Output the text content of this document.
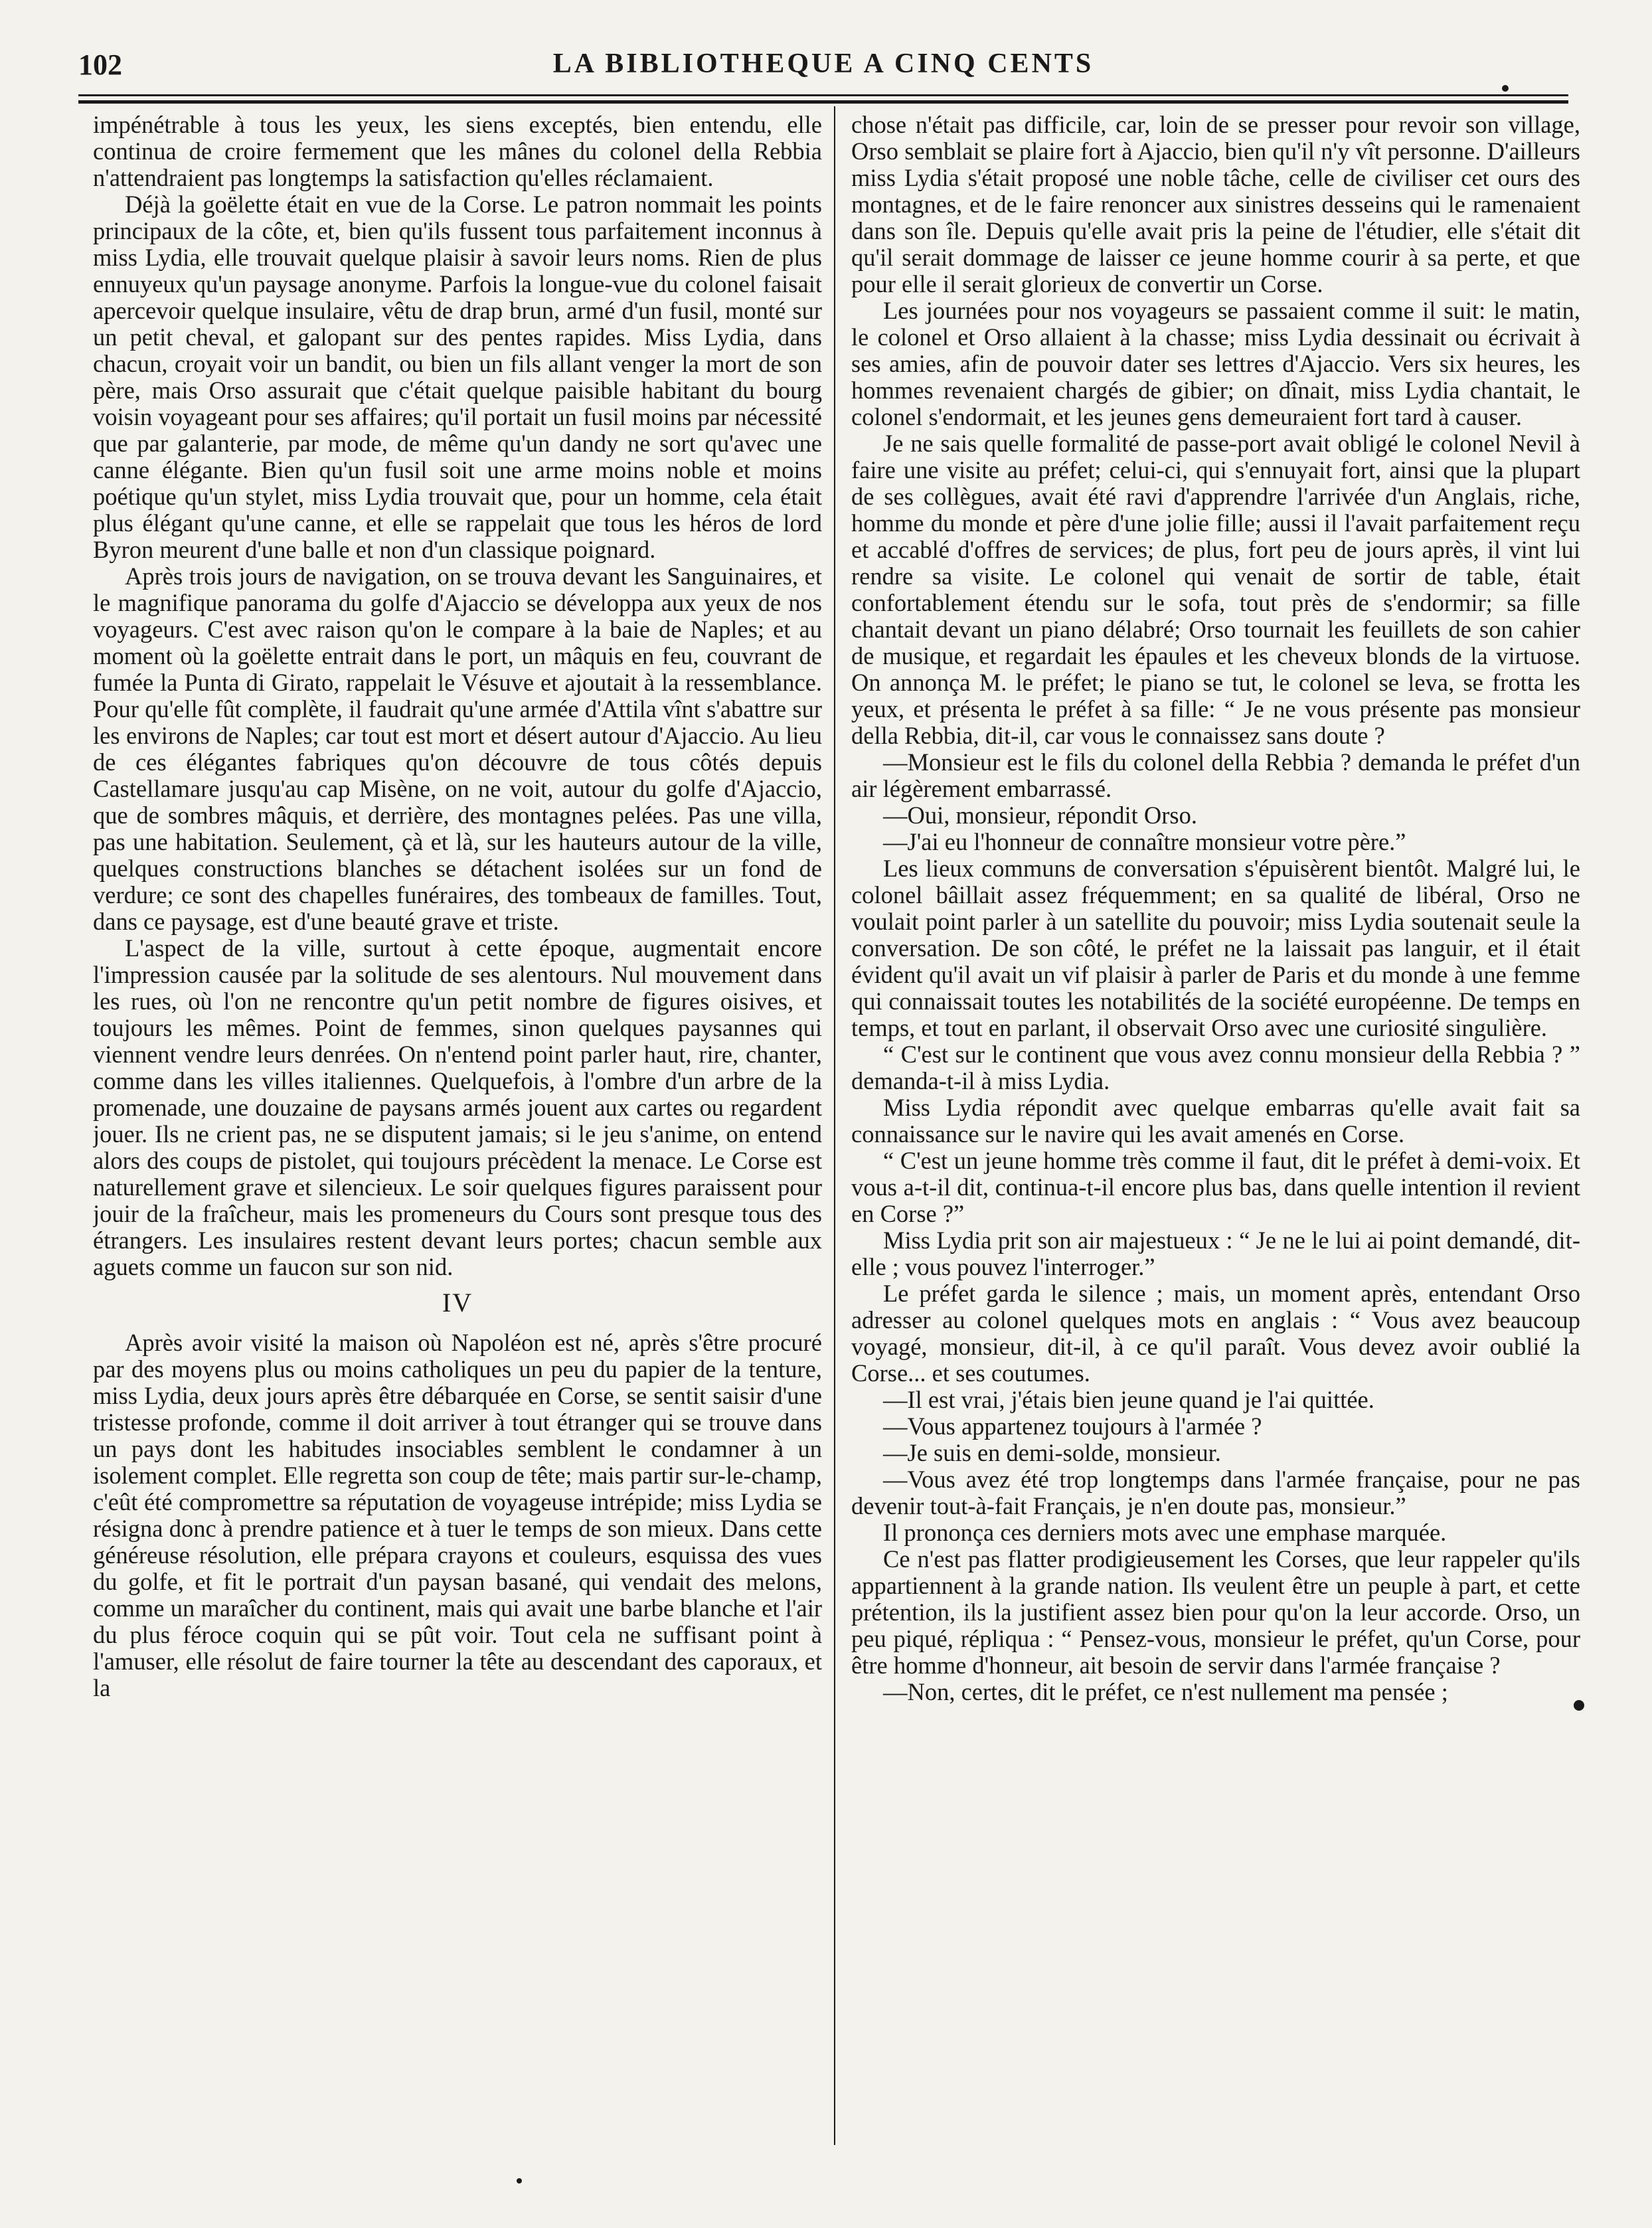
102	LA BIBLIOTHEQUE A CINQ CENTS

impénétrable à tous les yeux, les siens exceptés, bien entendu, elle continua de croire fermement que les mânes du colonel della Rebbia n'attendraient pas longtemps la satisfaction qu'elles réclamaient.

Déjà la goëlette était en vue de la Corse. Le patron nommait les points principaux de la côte, et, bien qu'ils fussent tous parfaitement inconnus à miss Lydia, elle trouvait quelque plaisir à savoir leurs noms. Rien de plus ennuyeux qu'un paysage anonyme. Parfois la longue-vue du colonel faisait apercevoir quelque insulaire, vêtu de drap brun, armé d'un fusil, monté sur un petit cheval, et galopant sur des pentes rapides. Miss Lydia, dans chacun, croyait voir un bandit, ou bien un fils allant venger la mort de son père, mais Orso assurait que c'était quelque paisible habitant du bourg voisin voyageant pour ses affaires; qu'il portait un fusil moins par nécessité que par galanterie, par mode, de même qu'un dandy ne sort qu'avec une canne élégante. Bien qu'un fusil soit une arme moins noble et moins poétique qu'un stylet, miss Lydia trouvait que, pour un homme, cela était plus élégant qu'une canne, et elle se rappelait que tous les héros de lord Byron meurent d'une balle et non d'un classique poignard.

Après trois jours de navigation, on se trouva devant les Sanguinaires, et le magnifique panorama du golfe d'Ajaccio se développa aux yeux de nos voyageurs. C'est avec raison qu'on le compare à la baie de Naples; et au moment où la goëlette entrait dans le port, un mâquis en feu, couvrant de fumée la Punta di Girato, rappelait le Vésuve et ajoutait à la ressemblance. Pour qu'elle fût complète, il faudrait qu'une armée d'Attila vînt s'abattre sur les environs de Naples; car tout est mort et désert autour d'Ajaccio. Au lieu de ces élégantes fabriques qu'on découvre de tous côtés depuis Castellamare jusqu'au cap Misène, on ne voit, autour du golfe d'Ajaccio, que de sombres mâquis, et derrière, des montagnes pelées. Pas une villa, pas une habitation. Seulement, çà et là, sur les hauteurs autour de la ville, quelques constructions blanches se détachent isolées sur un fond de verdure; ce sont des chapelles funéraires, des tombeaux de familles. Tout, dans ce paysage, est d'une beauté grave et triste.

L'aspect de la ville, surtout à cette époque, augmentait encore l'impression causée par la solitude de ses alentours. Nul mouvement dans les rues, où l'on ne rencontre qu'un petit nombre de figures oisives, et toujours les mêmes. Point de femmes, sinon quelques paysannes qui viennent vendre leurs denrées. On n'entend point parler haut, rire, chanter, comme dans les villes italiennes. Quelquefois, à l'ombre d'un arbre de la promenade, une douzaine de paysans armés jouent aux cartes ou regardent jouer. Ils ne crient pas, ne se disputent jamais; si le jeu s'anime, on entend alors des coups de pistolet, qui toujours précèdent la menace. Le Corse est naturellement grave et silencieux. Le soir quelques figures paraissent pour jouir de la fraîcheur, mais les promeneurs du Cours sont presque tous des étrangers. Les insulaires restent devant leurs portes; chacun semble aux aguets comme un faucon sur son nid.

IV

Après avoir visité la maison où Napoléon est né, après s'être procuré par des moyens plus ou moins catholiques un peu du papier de la tenture, miss Lydia, deux jours après être débarquée en Corse, se sentit saisir d'une tristesse profonde, comme il doit arriver à tout étranger qui se trouve dans un pays dont les habitudes insociables semblent le condamner à un isolement complet. Elle regretta son coup de tête; mais partir sur-le-champ, c'eût été compromettre sa réputation de voyageuse intrépide; miss Lydia se résigna donc à prendre patience et à tuer le temps de son mieux. Dans cette généreuse résolution, elle prépara crayons et couleurs, esquissa des vues du golfe, et fit le portrait d'un paysan basané, qui vendait des melons, comme un maraîcher du continent, mais qui avait une barbe blanche et l'air du plus féroce coquin qui se pût voir. Tout cela ne suffisant point à l'amuser, elle résolut de faire tourner la tête au descendant des caporaux, et la

chose n'était pas difficile, car, loin de se presser pour revoir son village, Orso semblait se plaire fort à Ajaccio, bien qu'il n'y vît personne. D'ailleurs miss Lydia s'était proposé une noble tâche, celle de civiliser cet ours des montagnes, et de le faire renoncer aux sinistres desseins qui le ramenaient dans son île. Depuis qu'elle avait pris la peine de l'étudier, elle s'était dit qu'il serait dommage de laisser ce jeune homme courir à sa perte, et que pour elle il serait glorieux de convertir un Corse.

Les journées pour nos voyageurs se passaient comme il suit: le matin, le colonel et Orso allaient à la chasse; miss Lydia dessinait ou écrivait à ses amies, afin de pouvoir dater ses lettres d'Ajaccio. Vers six heures, les hommes revenaient chargés de gibier; on dînait, miss Lydia chantait, le colonel s'endormait, et les jeunes gens demeuraient fort tard à causer.

Je ne sais quelle formalité de passe-port avait obligé le colonel Nevil à faire une visite au préfet; celui-ci, qui s'ennuyait fort, ainsi que la plupart de ses collègues, avait été ravi d'apprendre l'arrivée d'un Anglais, riche, homme du monde et père d'une jolie fille; aussi il l'avait parfaitement reçu et accablé d'offres de services; de plus, fort peu de jours après, il vint lui rendre sa visite. Le colonel qui venait de sortir de table, était confortablement étendu sur le sofa, tout près de s'endormir; sa fille chantait devant un piano délabré; Orso tournait les feuillets de son cahier de musique, et regardait les épaules et les cheveux blonds de la virtuose. On annonça M. le préfet; le piano se tut, le colonel se leva, se frotta les yeux, et présenta le préfet à sa fille: “ Je ne vous présente pas monsieur della Rebbia, dit-il, car vous le connaissez sans doute ?

—Monsieur est le fils du colonel della Rebbia ? demanda le préfet d'un air légèrement embarrassé.

—Oui, monsieur, répondit Orso.

—J'ai eu l'honneur de connaître monsieur votre père.”

Les lieux communs de conversation s'épuisèrent bientôt. Malgré lui, le colonel bâillait assez fréquemment; en sa qualité de libéral, Orso ne voulait point parler à un satellite du pouvoir; miss Lydia soutenait seule la conversation. De son côté, le préfet ne la laissait pas languir, et il était évident qu'il avait un vif plaisir à parler de Paris et du monde à une femme qui connaissait toutes les notabilités de la société européenne. De temps en temps, et tout en parlant, il observait Orso avec une curiosité singulière.

“ C'est sur le continent que vous avez connu monsieur della Rebbia ? ” demanda-t-il à miss Lydia.

Miss Lydia répondit avec quelque embarras qu'elle avait fait sa connaissance sur le navire qui les avait amenés en Corse.

“ C'est un jeune homme très comme il faut, dit le préfet à demi-voix. Et vous a-t-il dit, continua-t-il encore plus bas, dans quelle intention il revient en Corse ?”

Miss Lydia prit son air majestueux : “ Je ne le lui ai point demandé, dit-elle ; vous pouvez l'interroger.”

Le préfet garda le silence ; mais, un moment après, entendant Orso adresser au colonel quelques mots en anglais : “ Vous avez beaucoup voyagé, monsieur, dit-il, à ce qu'il paraît. Vous devez avoir oublié la Corse... et ses coutumes.

—Il est vrai, j'étais bien jeune quand je l'ai quittée.

—Vous appartenez toujours à l'armée ?

—Je suis en demi-solde, monsieur.

—Vous avez été trop longtemps dans l'armée française, pour ne pas devenir tout-à-fait Français, je n'en doute pas, monsieur.”

Il prononça ces derniers mots avec une emphase marquée.

Ce n'est pas flatter prodigieusement les Corses, que leur rappeler qu'ils appartiennent à la grande nation. Ils veulent être un peuple à part, et cette prétention, ils la justifient assez bien pour qu'on la leur accorde. Orso, un peu piqué, répliqua : “ Pensez-vous, monsieur le préfet, qu'un Corse, pour être homme d'honneur, ait besoin de servir dans l'armée française ?

—Non, certes, dit le préfet, ce n'est nullement ma pensée ;
